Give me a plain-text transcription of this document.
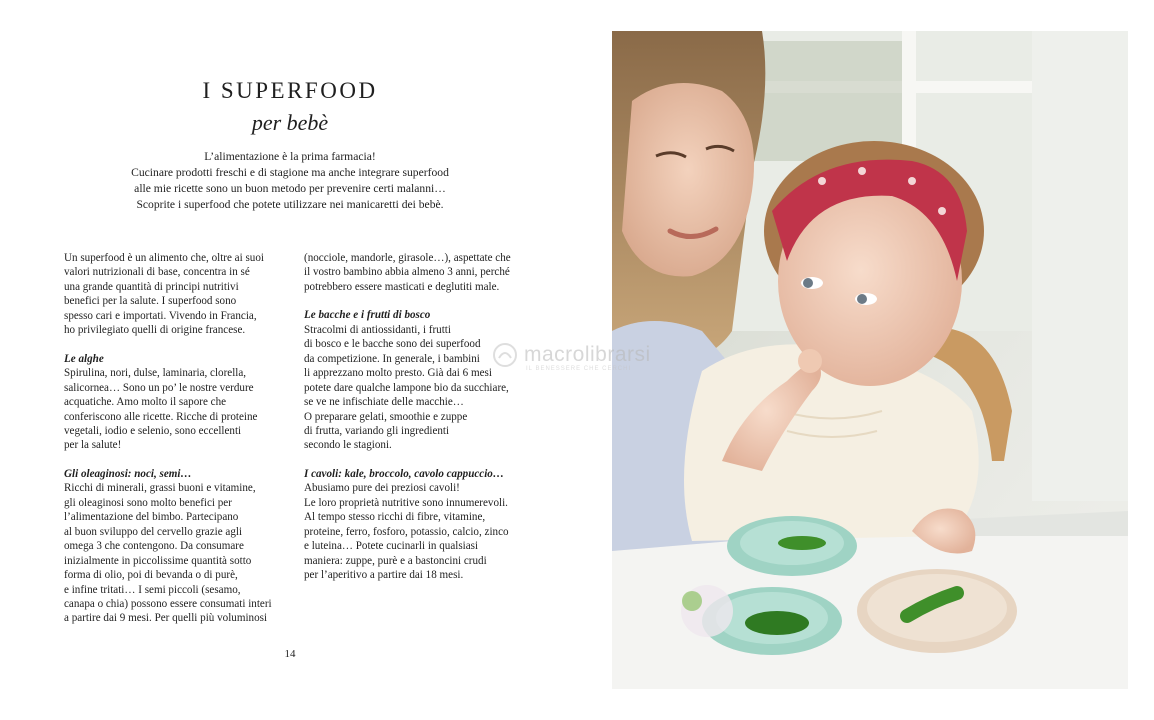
I SUPERFOOD
per bebè
L’alimentazione è la prima farmacia!
Cucinare prodotti freschi e di stagione ma anche integrare superfood
alle mie ricette sono un buon metodo per prevenire certi malanni…
Scoprite i superfood che potete utilizzare nei manicaretti dei bebè.
Un superfood è un alimento che, oltre ai suoi
valori nutrizionali di base, concentra in sé
una grande quantità di principi nutritivi
benefici per la salute. I superfood sono
spesso cari e importati. Vivendo in Francia,
ho privilegiato quelli di origine francese.
Le alghe
Spirulina, nori, dulse, laminaria, clorella,
salicornea… Sono un po’ le nostre verdure
acquatiche. Amo molto il sapore che
conferiscono alle ricette. Ricche di proteine
vegetali, iodio e selenio, sono eccellenti
per la salute!
Gli oleaginosi: noci, semi…
Ricchi di minerali, grassi buoni e vitamine,
gli oleaginosi sono molto benefici per
l’alimentazione del bimbo. Partecipano
al buon sviluppo del cervello grazie agli
omega 3 che contengono. Da consumare
inizialmente in piccolissime quantità sotto
forma di olio, poi di bevanda o di purè,
e infine tritati… I semi piccoli (sesamo,
canapa o chia) possono essere consumati interi
a partire dai 9 mesi. Per quelli più voluminosi
(nocciole, mandorle, girasole…), aspettate che
il vostro bambino abbia almeno 3 anni, perché
potrebbero essere masticati e deglutiti male.
Le bacche e i frutti di bosco
Stracolmi di antiossidanti, i frutti
di bosco e le bacche sono dei superfood
da competizione. In generale, i bambini
li apprezzano molto presto. Già dai 6 mesi
potete dare qualche lampone bio da succhiare,
se ve ne infischiate delle macchie…
O preparare gelati, smoothie e zuppe
di frutta, variando gli ingredienti
secondo le stagioni.
I cavoli: kale, broccolo, cavolo cappuccio…
Abusiamo pure dei preziosi cavoli!
Le loro proprietà nutritive sono innumerevoli.
Al tempo stesso ricchi di fibre, vitamine,
proteine, ferro, fosforo, potassio, calcio, zinco
e luteina… Potete cucinarli in qualsiasi
maniera: zuppe, purè e a bastoncini crudi
per l’aperitivo a partire dai 18 mesi.
14
macrolibrarsi
IL BENESSERE CHE CERCHI
